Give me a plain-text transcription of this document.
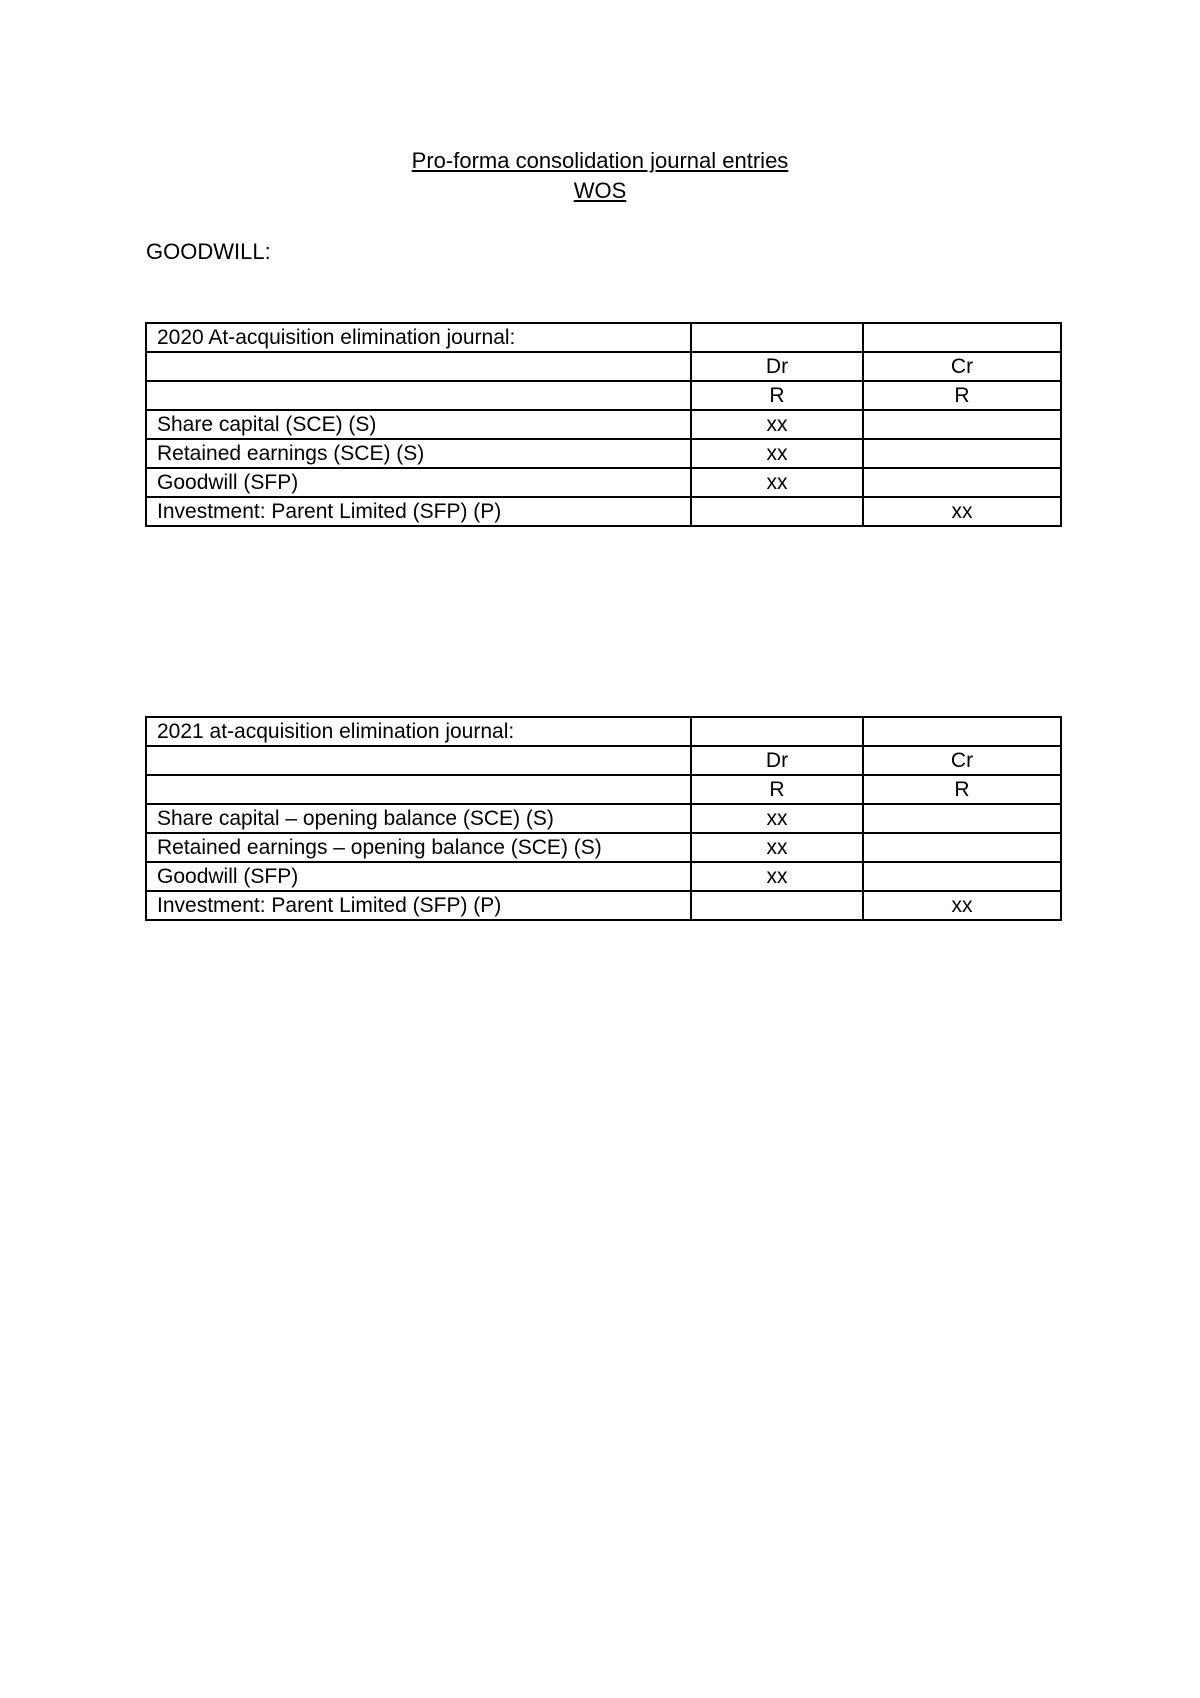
Pro-forma consolidation journal entries
WOS
GOODWILL:
2020 At-acquisition elimination journal:		
	Dr	Cr
	R	R
Share capital (SCE) (S)	xx	
Retained earnings (SCE) (S)	xx	
Goodwill (SFP)	xx	
Investment: Parent Limited (SFP) (P)		xx
2021 at-acquisition elimination journal:		
	Dr	Cr
	R	R
Share capital – opening balance (SCE) (S)	xx	
Retained earnings – opening balance (SCE) (S)	xx	
Goodwill (SFP)	xx	
Investment: Parent Limited (SFP) (P)		xx
